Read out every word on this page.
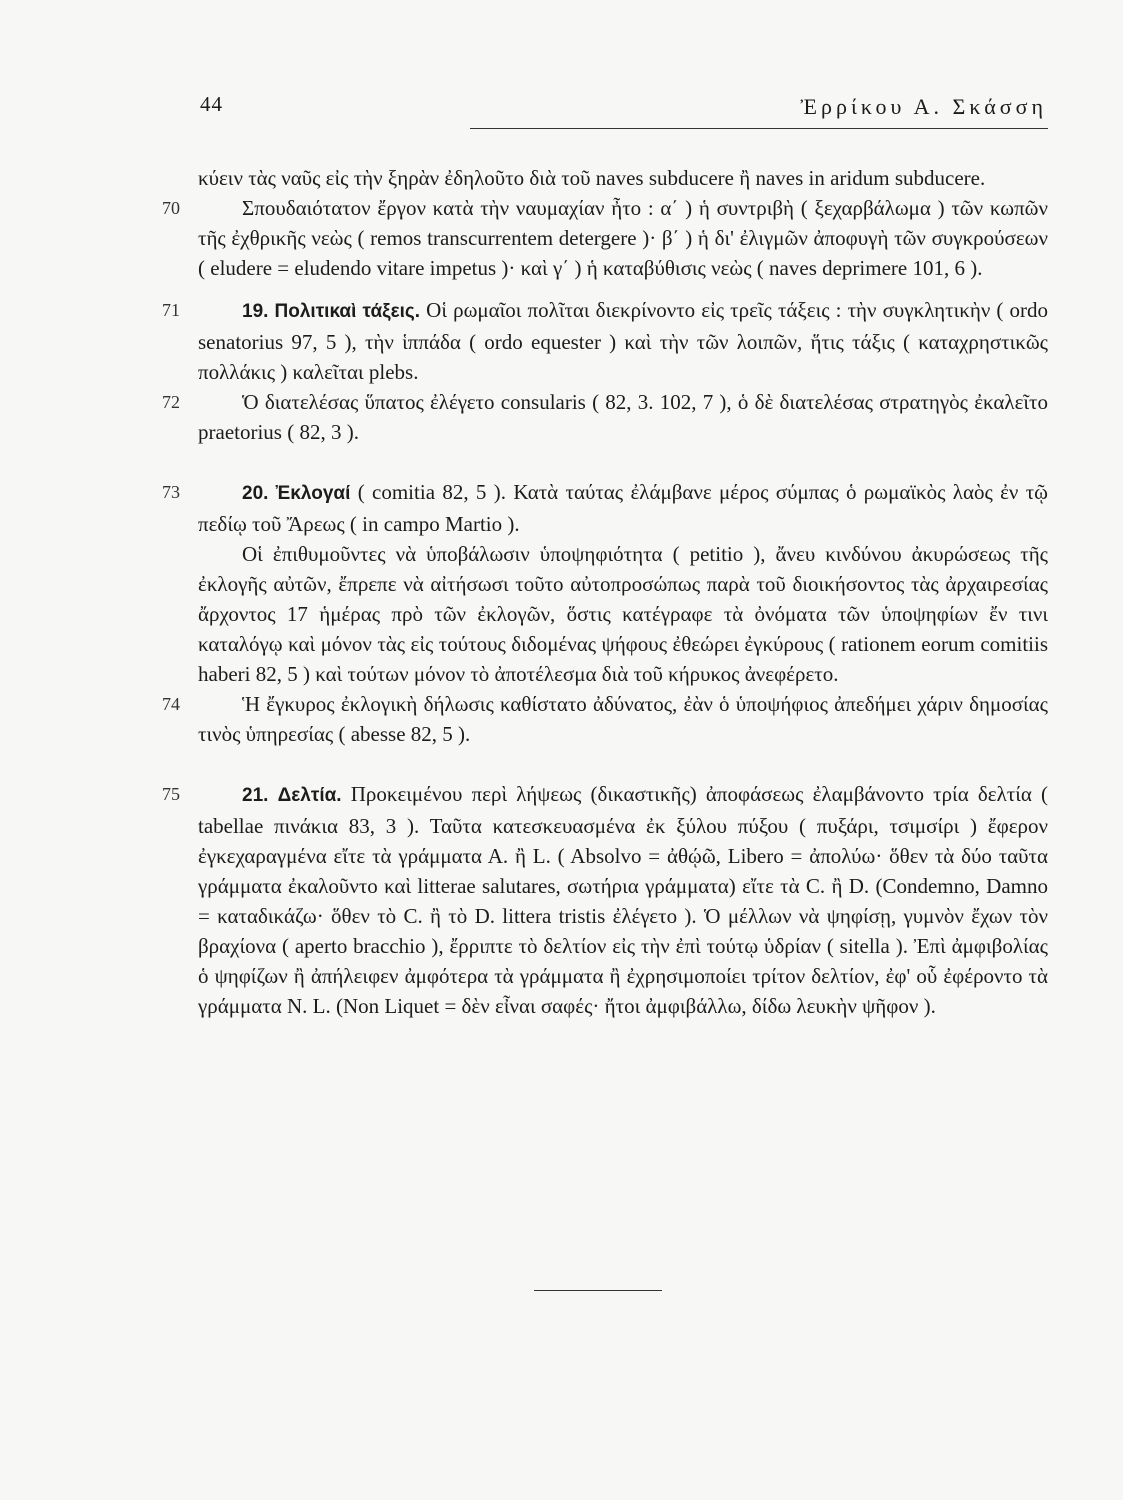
44	Ἐρρίκου Α. Σκάσση

κύειν τὰς ναῦς εἰς τὴν ξηρὰν ἐδηλοῦτο διὰ τοῦ naves subducere ἢ naves in aridum subducere.

70	Σπουδαιότατον ἔργον κατὰ τὴν ναυμαχίαν ἦτο : α΄ ) ἡ συντριβὴ ( ξεχαρβάλωμα ) τῶν κωπῶν τῆς ἐχθρικῆς νεὼς ( remos transcurrentem detergere )· β΄ ) ἡ δι' ἐλιγμῶν ἀποφυγὴ τῶν συγκρούσεων ( eludere = eludendo vitare impetus )· καὶ γ΄ ) ἡ καταβύθισις νεὼς ( naves deprimere 101, 6 ).

71	19. Πολιτικαὶ τάξεις. Οἱ ρωμαῖοι πολῖται διεκρίνοντο εἰς τρεῖς τάξεις : τὴν συγκλητικὴν ( ordo senatorius 97, 5 ), τὴν ἱππάδα ( ordo equester ) καὶ τὴν τῶν λοιπῶν, ἥτις τάξις ( καταχρηστικῶς πολλάκις ) καλεῖται plebs.

72	Ὁ διατελέσας ὕπατος ἐλέγετο consularis ( 82, 3. 102, 7 ), ὁ δὲ διατελέσας στρατηγὸς ἐκαλεῖτο praetorius ( 82, 3 ).

73	20. Ἐκλογαί ( comitia 82, 5 ). Κατὰ ταύτας ἐλάμβανε μέρος σύμπας ὁ ρωμαϊκὸς λαὸς ἐν τῷ πεδίῳ τοῦ Ἄρεως ( in campo Martio ).

Οἱ ἐπιθυμοῦντες νὰ ὑποβάλωσιν ὑποψηφιότητα ( petitio ), ἄνευ κινδύνου ἀκυρώσεως τῆς ἐκλογῆς αὐτῶν, ἔπρεπε νὰ αἰτήσωσι τοῦτο αὐτοπροσώπως παρὰ τοῦ διοικήσοντος τὰς ἀρχαιρεσίας ἄρχοντος 17 ἡμέρας πρὸ τῶν ἐκλογῶν, ὅστις κατέγραφε τὰ ὀνόματα τῶν ὑποψηφίων ἔν τινι καταλόγῳ καὶ μόνον τὰς εἰς τούτους διδομένας ψήφους ἐθεώρει ἐγκύρους ( rationem eorum comitiis haberi 82, 5 ) καὶ τούτων μόνον τὸ ἀποτέλεσμα διὰ τοῦ κήρυκος ἀνεφέρετο.

74	Ἡ ἔγκυρος ἐκλογικὴ δήλωσις καθίστατο ἀδύνατος, ἐὰν ὁ ὑποψήφιος ἀπεδήμει χάριν δημοσίας τινὸς ὑπηρεσίας ( abesse 82, 5 ).

75	21. Δελτία. Προκειμένου περὶ λήψεως (δικαστικῆς) ἀποφάσεως ἐλαμβάνοντο τρία δελτία ( tabellae πινάκια 83, 3 ). Ταῦτα κατεσκευασμένα ἐκ ξύλου πύξου ( πυξάρι, τσιμσίρι ) ἔφερον ἐγκεχαραγμένα εἴτε τὰ γράμματα Α. ἢ L. ( Absolvo = ἀθῴῶ, Libero = ἀπολύω· ὅθεν τὰ δύο ταῦτα γράμματα ἐκαλοῦντο καὶ litterae salutares, σωτήρια γράμματα) εἴτε τὰ C. ἢ D. (Condemno, Damno = καταδικάζω· ὅθεν τὸ C. ἢ τὸ D. littera tristis ἐλέγετο ). Ὁ μέλλων νὰ ψηφίσῃ, γυμνὸν ἔχων τὸν βραχίονα ( aperto bracchio ), ἔρριπτε τὸ δελτίον εἰς τὴν ἐπὶ τούτῳ ὑδρίαν ( sitella ). Ἐπὶ ἀμφιβολίας ὁ ψηφίζων ἢ ἀπήλειφεν ἀμφότερα τὰ γράμματα ἢ ἐχρησιμοποίει τρίτον δελτίον, ἐφ' οὗ ἐφέροντο τὰ γράμματα N. L. (Non Liquet = δὲν εἶναι σαφές· ἤτοι ἀμφιβάλλω, δίδω λευκὴν ψῆφον ).
